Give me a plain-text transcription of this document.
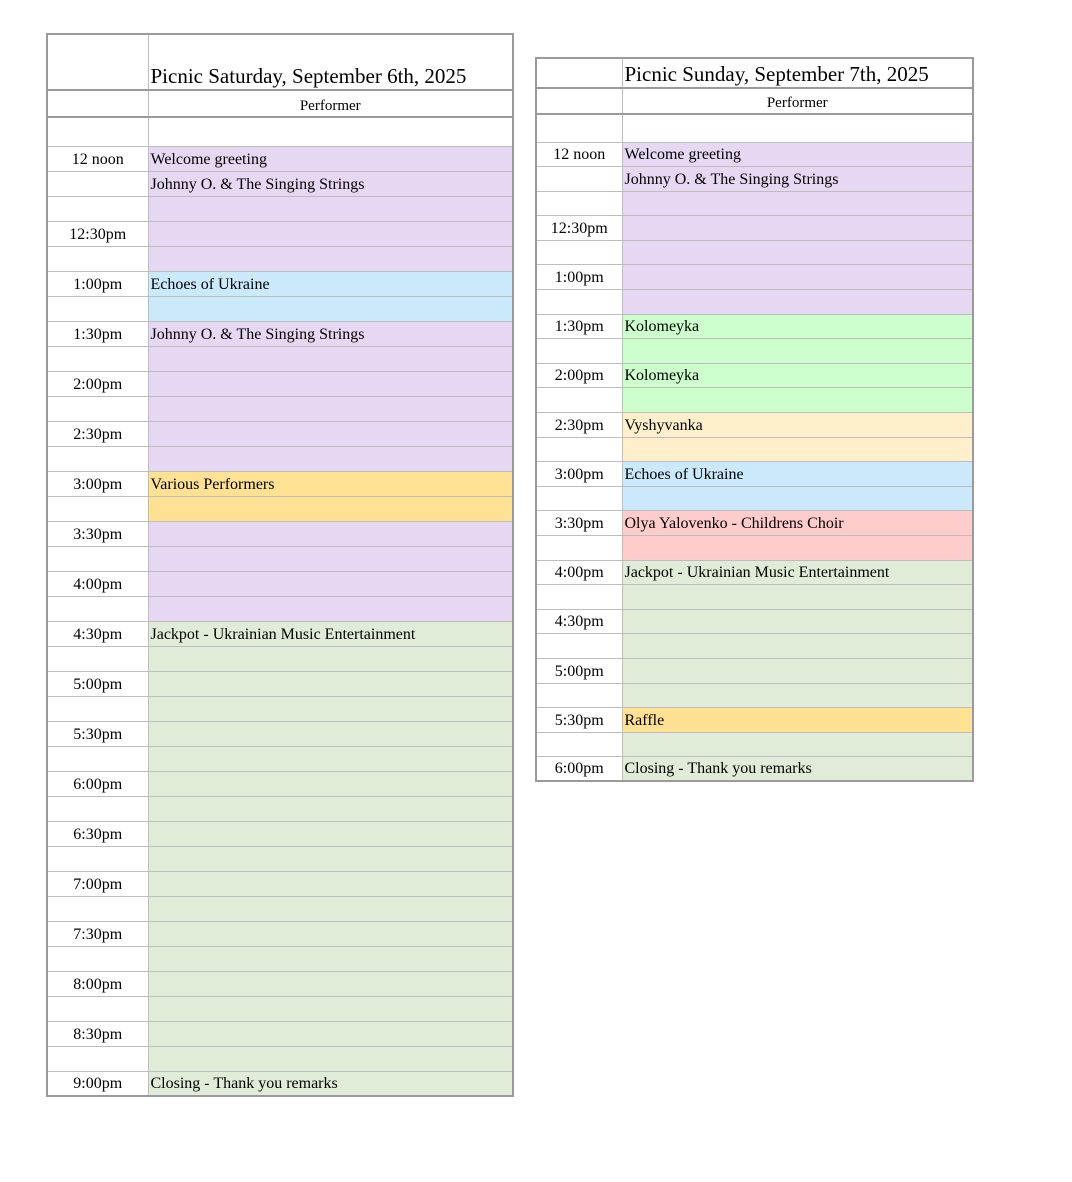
	Picnic Saturday, September 6th, 2025
	Performer

12 noon	Welcome greeting
	Johnny O. & The Singing Strings

12:30pm	

1:00pm	Echoes of Ukraine

1:30pm	Johnny O. & The Singing Strings

2:00pm	

2:30pm	

3:00pm	Various Performers

3:30pm	

4:00pm	

4:30pm	Jackpot - Ukrainian Music Entertainment

5:00pm	

5:30pm	

6:00pm	

6:30pm	

7:00pm	

7:30pm	

8:00pm	

8:30pm	

9:00pm	Closing - Thank you remarks
	Picnic Sunday, September 7th, 2025
	Performer

12 noon	Welcome greeting
	Johnny O. & The Singing Strings

12:30pm	

1:00pm	

1:30pm	Kolomeyka

2:00pm	Kolomeyka

2:30pm	Vyshyvanka

3:00pm	Echoes of Ukraine

3:30pm	Olya Yalovenko - Childrens Choir

4:00pm	Jackpot - Ukrainian Music Entertainment

4:30pm	

5:00pm	

5:30pm	Raffle

6:00pm	Closing - Thank you remarks
